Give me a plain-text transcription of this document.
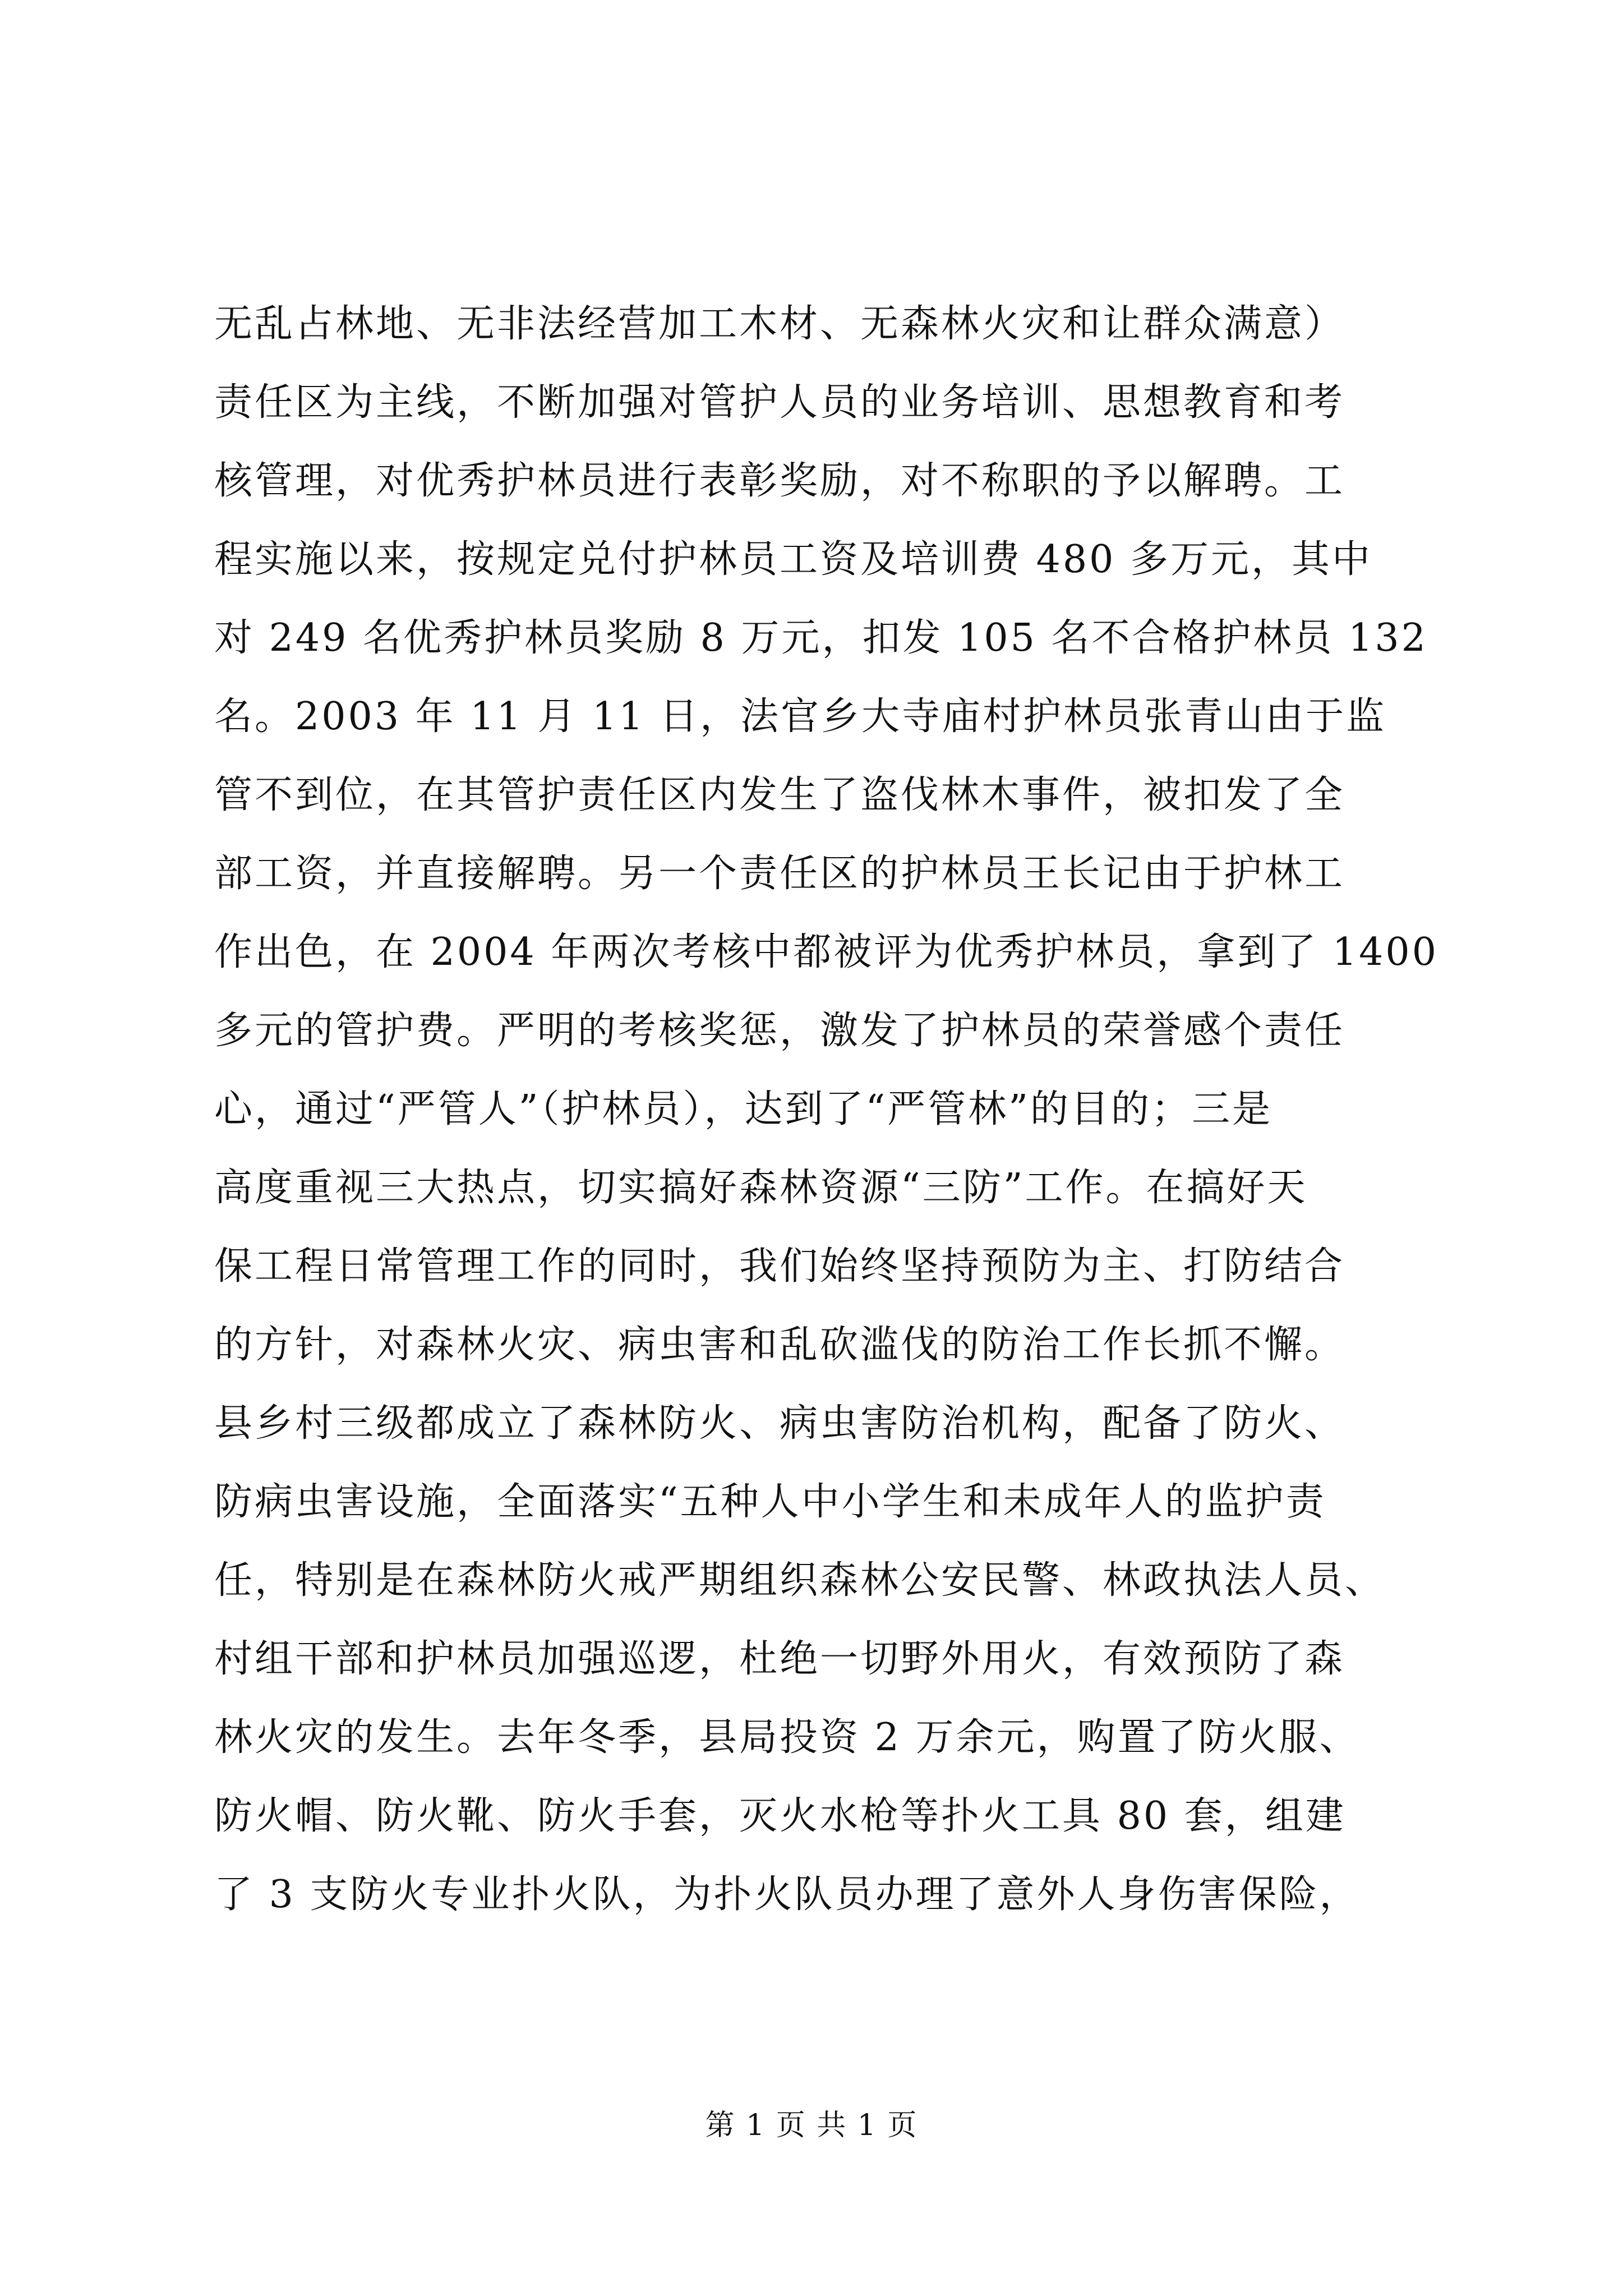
无乱占林地、无非法经营加工木材、无森林火灾和让群众满意）
责任区为主线，不断加强对管护人员的业务培训、思想教育和考
核管理，对优秀护林员进行表彰奖励，对不称职的予以解聘。工
程实施以来，按规定兑付护林员工资及培训费 480 多万元，其中
对 249 名优秀护林员奖励 8 万元，扣发 105 名不合格护林员 132
名。2003 年 11 月 11 日，法官乡大寺庙村护林员张青山由于监
管不到位，在其管护责任区内发生了盗伐林木事件，被扣发了全
部工资，并直接解聘。另一个责任区的护林员王长记由于护林工
作出色，在 2004 年两次考核中都被评为优秀护林员，拿到了 1400
多元的管护费。严明的考核奖惩，激发了护林员的荣誉感个责任
心，通过“严管人”（护林员），达到了“严管林”的目的；三是
高度重视三大热点，切实搞好森林资源“三防”工作。在搞好天
保工程日常管理工作的同时，我们始终坚持预防为主、打防结合
的方针，对森林火灾、病虫害和乱砍滥伐的防治工作长抓不懈。
县乡村三级都成立了森林防火、病虫害防治机构，配备了防火、
防病虫害设施，全面落实“五种人中小学生和未成年人的监护责
任，特别是在森林防火戒严期组织森林公安民警、林政执法人员、
村组干部和护林员加强巡逻，杜绝一切野外用火，有效预防了森
林火灾的发生。去年冬季，县局投资 2 万余元，购置了防火服、
防火帽、防火靴、防火手套，灭火水枪等扑火工具 80 套，组建
了 3 支防火专业扑火队，为扑火队员办理了意外人身伤害保险，
第 1 页 共 1 页
